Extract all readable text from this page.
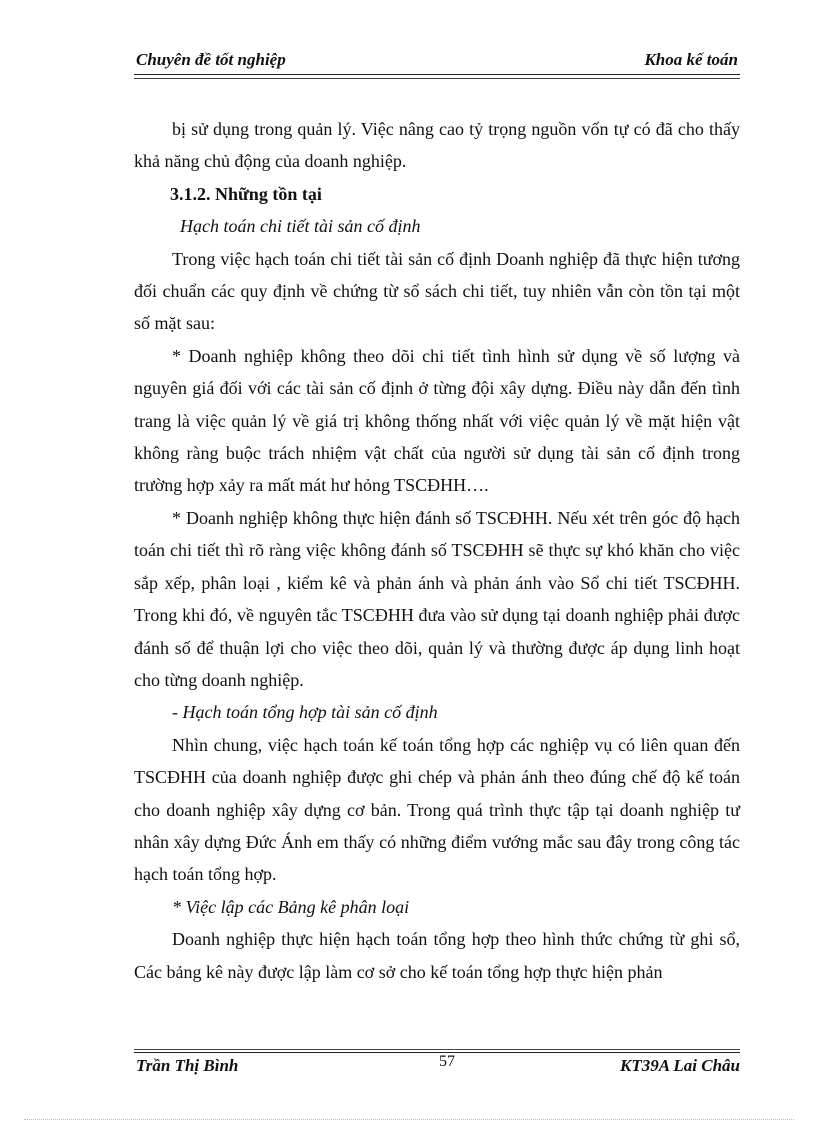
Chuyên đề tốt nghiệp	Khoa kế toán

bị sử dụng trong quản lý. Việc nâng cao tỷ trọng nguồn vốn tự có đã cho thấy khả năng chủ động của doanh nghiệp.

3.1.2. Những tồn tại

Hạch toán chi tiết tài sản cố định

Trong việc hạch toán chi tiết tài sản cố định Doanh nghiệp đã thực hiện tương đối chuẩn các quy định về chứng từ sổ sách chi tiết, tuy nhiên vẫn còn tồn tại một số mặt sau:

* Doanh nghiệp không theo dõi chi tiết tình hình sử dụng về số lượng và nguyên giá đối với các tài sản cố định ở từng đội xây dựng. Điều này dẫn đến tình trang là việc quản lý về giá trị không thống nhất với việc quản lý về mặt hiện vật không ràng buộc trách nhiệm vật chất của người sử dụng tài sản cố định trong trường hợp xảy ra mất mát hư hỏng TSCĐHH….

* Doanh nghiệp không thực hiện đánh số TSCĐHH. Nếu xét trên góc độ hạch toán chi tiết thì rõ ràng việc không đánh số TSCĐHH sẽ thực sự khó khăn cho việc sắp xếp, phân loại , kiểm kê và phản ánh và phản ánh vào Sổ chi tiết TSCĐHH. Trong khi đó, về nguyên tắc TSCĐHH đưa vào sử dụng tại doanh nghiệp phải được đánh số để thuận lợi cho việc theo dõi, quản lý và thường được áp dụng linh hoạt cho từng doanh nghiệp.

- Hạch toán tổng hợp tài sản cố định

Nhìn chung, việc hạch toán kế toán tổng hợp các nghiệp vụ có liên quan đến TSCĐHH của doanh nghiệp được ghi chép và phản ánh theo đúng chế độ kế toán cho doanh nghiệp xây dựng cơ bản. Trong quá trình thực tập tại doanh nghiệp tư nhân xây dựng Đức Ánh em thấy có những điểm vướng mắc sau đây trong công tác hạch toán tổng hợp.

* Việc lập các Bảng kê phân loại

Doanh nghiệp thực hiện hạch toán tổng hợp theo hình thức chứng từ ghi sổ, Các bảng kê này được lập làm cơ sở cho kế toán tổng hợp thực hiện phản

Trần Thị Bình	57	KT39A Lai Châu
